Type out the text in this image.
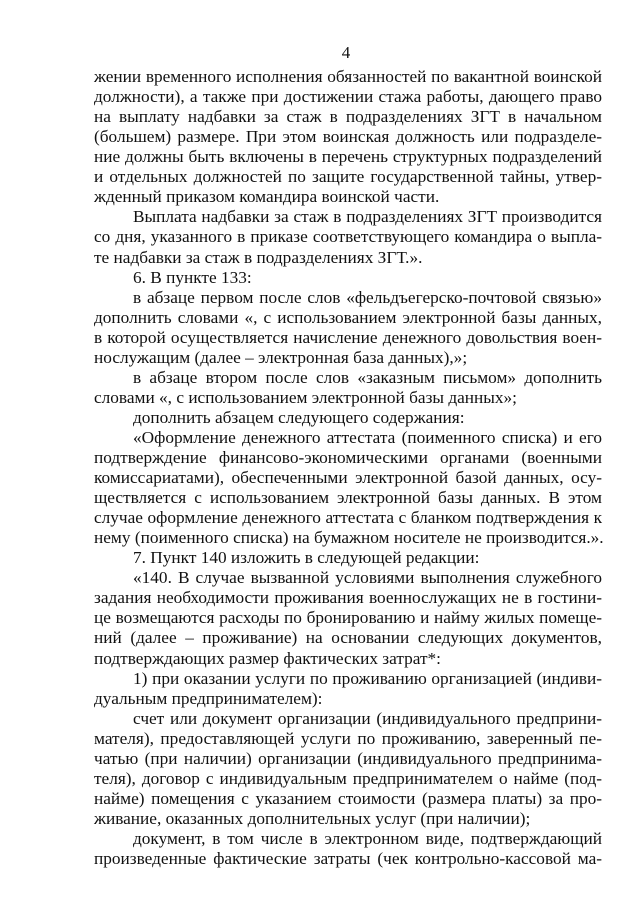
4

жении временного исполнения обязанностей по вакантной воинской

должности), а также при достижении стажа работы, дающего право

на выплату надбавки за стаж в подразделениях ЗГТ в начальном

(большем) размере. При этом воинская должность или подразделе-

ние должны быть включены в перечень структурных подразделений

и отдельных должностей по защите государственной тайны, утвер-

жденный приказом командира воинской части.

Выплата надбавки за стаж в подразделениях ЗГТ производится

со дня, указанного в приказе соответствующего командира о выпла-

те надбавки за стаж в подразделениях ЗГТ.».

6. В пункте 133:

в абзаце первом после слов «фельдъегерско-почтовой связью»

дополнить словами «, с использованием электронной базы данных,

в которой осуществляется начисление денежного довольствия воен-

нослужащим (далее – электронная база данных),»;

в абзаце втором после слов «заказным письмом» дополнить

словами «, с использованием электронной базы данных»;

дополнить абзацем следующего содержания:

«Оформление денежного аттестата (поименного списка) и его

подтверждение финансово-экономическими органами (военными

комиссариатами), обеспеченными электронной базой данных, осу-

ществляется с использованием электронной базы данных. В этом

случае оформление денежного аттестата с бланком подтверждения к

нему (поименного списка) на бумажном носителе не производится.».

7. Пункт 140 изложить в следующей редакции:

«140. В случае вызванной условиями выполнения служебного

задания необходимости проживания военнослужащих не в гостини-

це возмещаются расходы по бронированию и найму жилых помеще-

ний (далее – проживание) на основании следующих документов,

подтверждающих размер фактических затрат*:

1) при оказании услуги по проживанию организацией (индиви-

дуальным предпринимателем):

счет или документ организации (индивидуального предприни-

мателя), предоставляющей услуги по проживанию, заверенный пе-

чатью (при наличии) организации (индивидуального предпринима-

теля), договор с индивидуальным предпринимателем о найме (под-

найме) помещения с указанием стоимости (размера платы) за про-

живание, оказанных дополнительных услуг (при наличии);

документ, в том числе в электронном виде, подтверждающий

произведенные фактические затраты (чек контрольно-кассовой ма-
